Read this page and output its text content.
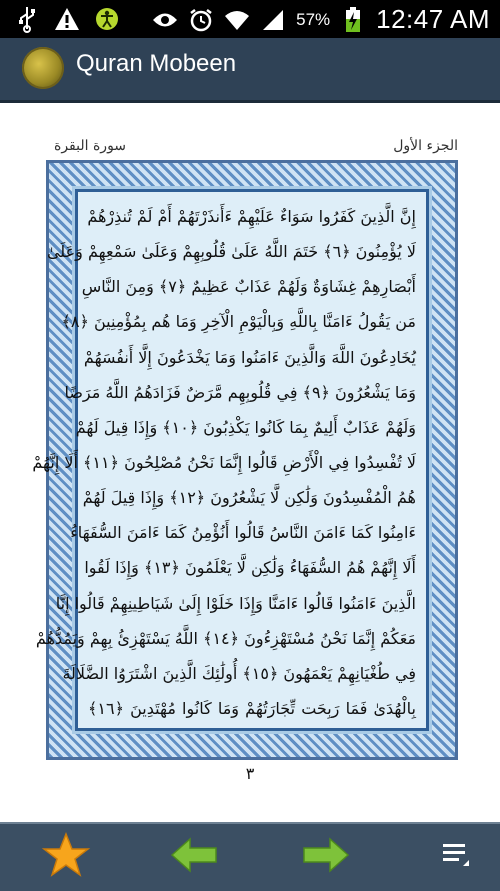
57% 12:47 AM
Quran Mobeen
الجزء الأول
سورة البقرة
إِنَّ الَّذِينَ كَفَرُوا سَوَاءٌ عَلَيْهِمْ ءَأَنذَرْتَهُمْ أَمْ لَمْ تُنذِرْهُمْ
لَا يُؤْمِنُونَ ﴿٦﴾ خَتَمَ اللَّهُ عَلَىٰ قُلُوبِهِمْ وَعَلَىٰ سَمْعِهِمْ وَعَلَىٰ
أَبْصَارِهِمْ غِشَاوَةٌ وَلَهُمْ عَذَابٌ عَظِيمٌ ﴿٧﴾ وَمِنَ النَّاسِ
مَن يَقُولُ ءَامَنَّا بِاللَّهِ وَبِالْيَوْمِ الْآخِرِ وَمَا هُم بِمُؤْمِنِينَ ﴿٨﴾
يُخَادِعُونَ اللَّهَ وَالَّذِينَ ءَامَنُوا وَمَا يَخْدَعُونَ إِلَّا أَنفُسَهُمْ
وَمَا يَشْعُرُونَ ﴿٩﴾ فِي قُلُوبِهِم مَّرَضٌ فَزَادَهُمُ اللَّهُ مَرَضًا
وَلَهُمْ عَذَابٌ أَلِيمٌ بِمَا كَانُوا يَكْذِبُونَ ﴿١٠﴾ وَإِذَا قِيلَ لَهُمْ
لَا تُفْسِدُوا فِي الْأَرْضِ قَالُوا إِنَّمَا نَحْنُ مُصْلِحُونَ ﴿١١﴾ أَلَا إِنَّهُمْ
هُمُ الْمُفْسِدُونَ وَلَٰكِن لَّا يَشْعُرُونَ ﴿١٢﴾ وَإِذَا قِيلَ لَهُمْ
ءَامِنُوا كَمَا ءَامَنَ النَّاسُ قَالُوا أَنُؤْمِنُ كَمَا ءَامَنَ السُّفَهَاءُ
أَلَا إِنَّهُمْ هُمُ السُّفَهَاءُ وَلَٰكِن لَّا يَعْلَمُونَ ﴿١٣﴾ وَإِذَا لَقُوا
الَّذِينَ ءَامَنُوا قَالُوا ءَامَنَّا وَإِذَا خَلَوْا إِلَىٰ شَيَاطِينِهِمْ قَالُوا إِنَّا
مَعَكُمْ إِنَّمَا نَحْنُ مُسْتَهْزِءُونَ ﴿١٤﴾ اللَّهُ يَسْتَهْزِئُ بِهِمْ وَيَمُدُّهُمْ
فِي طُغْيَانِهِمْ يَعْمَهُونَ ﴿١٥﴾ أُولَٰئِكَ الَّذِينَ اشْتَرَوُا الضَّلَالَةَ
بِالْهُدَىٰ فَمَا رَبِحَت تِّجَارَتُهُمْ وَمَا كَانُوا مُهْتَدِينَ ﴿١٦﴾
٣
